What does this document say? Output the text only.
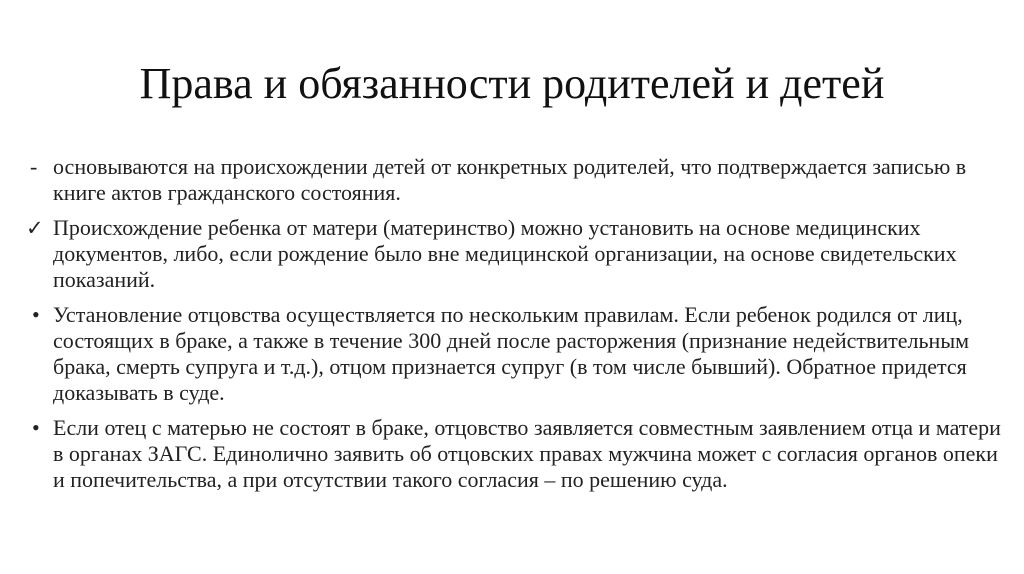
Права и обязанности родителей и детей
- основываются на происхождении детей от конкретных родителей, что подтверждается записью в книге актов гражданского состояния.
✓ Происхождение ребенка от матери (материнство) можно установить на основе медицинских документов, либо, если рождение было вне медицинской организации, на основе свидетельских показаний.
• Установление отцовства осуществляется по нескольким правилам. Если ребенок родился от лиц, состоящих в браке, а также в течение 300 дней после расторжения (признание недействительным брака, смерть супруга и т.д.), отцом признается супруг (в том числе бывший). Обратное придется доказывать в суде.
• Если отец с матерью не состоят в браке, отцовство заявляется совместным заявлением отца и матери в органах ЗАГС. Единолично заявить об отцовских правах мужчина может с согласия органов опеки и попечительства, а при отсутствии такого согласия – по решению суда.
